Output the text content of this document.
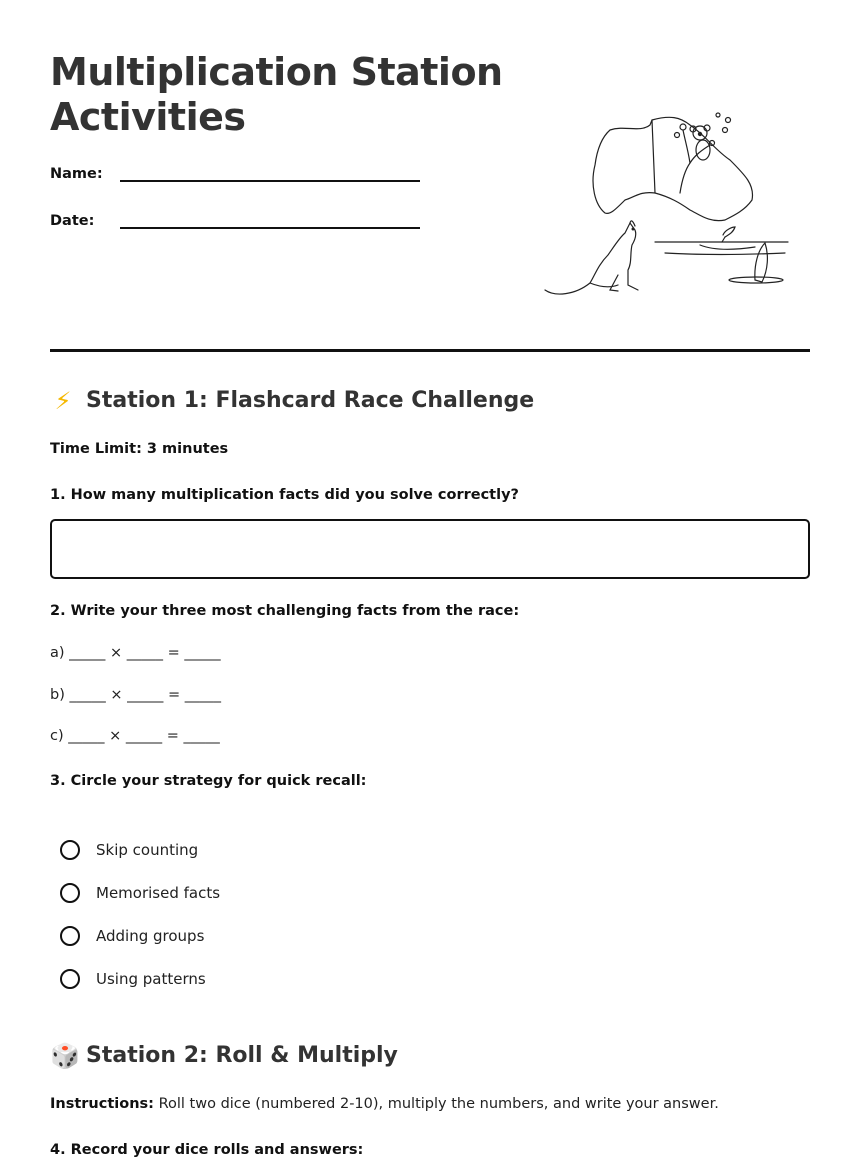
Multiplication Station Activities
Name:
Date:
⚡ Station 1: Flashcard Race Challenge
Time Limit: 3 minutes
1. How many multiplication facts did you solve correctly?
2. Write your three most challenging facts from the race:
a) _____ × _____ = _____
b) _____ × _____ = _____
c) _____ × _____ = _____
3. Circle your strategy for quick recall:
Skip counting
Memorised facts
Adding groups
Using patterns
🎲 Station 2: Roll & Multiply
Instructions: Roll two dice (numbered 2-10), multiply the numbers, and write your answer.
4. Record your dice rolls and answers:
